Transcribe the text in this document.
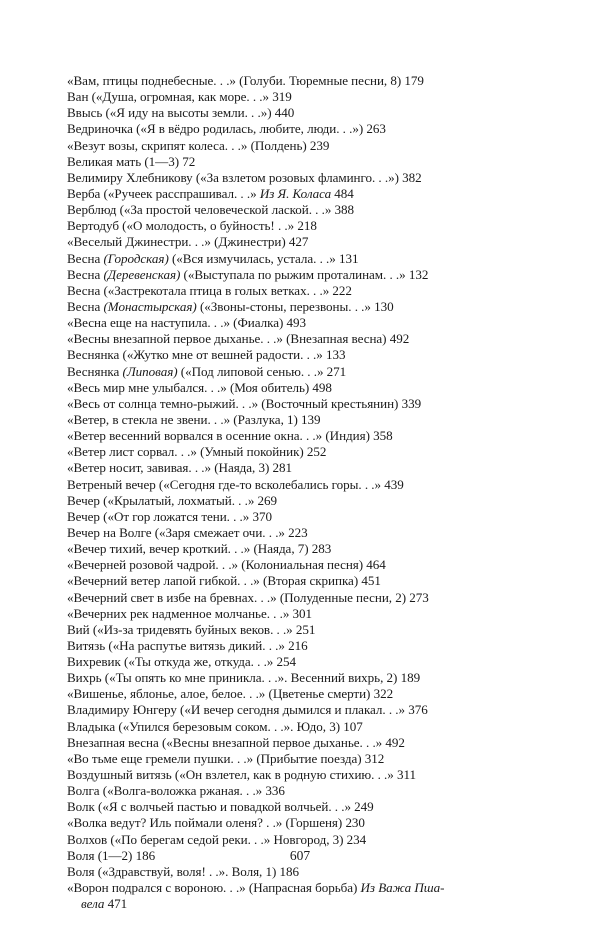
«Вам, птицы поднебесные. . .» (Голуби. Тюремные песни, 8) 179
Ван («Душа, огромная, как море. . .» 319
Ввысь («Я иду на высоты земли. . .») 440
Ведриночка («Я в вёдро родилась, любите, люди. . .») 263
«Везут возы, скрипят колеса. . .» (Полдень) 239
Великая мать (1—3) 72
Велимиру Хлебникову («За взлетом розовых фламинго. . .») 382
Верба («Ручеек расспрашивал. . .» Из Я. Коласа 484
Верблюд («За простой человеческой лаской. . .» 388
Вертодуб («О молодость, о буйность! . .» 218
«Веселый Джинестри. . .» (Джинестри) 427
Весна (Городская) («Вся измучилась, устала. . .» 131
Весна (Деревенская) («Выступала по рыжим проталинам. . .» 132
Весна («Застрекотала птица в голых ветках. . .» 222
Весна (Монастырская) («Звоны-стоны, перезвоны. . .» 130
«Весна еще на наступила. . .» (Фиалка) 493
«Весны внезапной первое дыханье. . .» (Внезапная весна) 492
Веснянка («Жутко мне от вешней радости. . .» 133
Веснянка (Липовая) («Под липовой сенью. . .» 271
«Весь мир мне улыбался. . .» (Моя обитель) 498
«Весь от солнца темно-рыжий. . .» (Восточный крестьянин) 339
«Ветер, в стекла не звени. . .» (Разлука, 1) 139
«Ветер весенний ворвался в осенние окна. . .» (Индия) 358
«Ветер лист сорвал. . .» (Умный покойник) 252
«Ветер носит, завивая. . .» (Наяда, 3) 281
Ветреный вечер («Сегодня где-то всколебались горы. . .» 439
Вечер («Крылатый, лохматый. . .» 269
Вечер («От гор ложатся тени. . .» 370
Вечер на Волге («Заря смежает очи. . .» 223
«Вечер тихий, вечер кроткий. . .» (Наяда, 7) 283
«Вечерней розовой чадрой. . .» (Колониальная песня) 464
«Вечерний ветер лапой гибкой. . .» (Вторая скрипка) 451
«Вечерний свет в избе на бревнах. . .» (Полуденные песни, 2) 273
«Вечерних рек надменное молчанье. . .» 301
Вий («Из-за тридевять буйных веков. . .» 251
Витязь («На распутье витязь дикий. . .» 216
Вихревик («Ты откуда же, откуда. . .» 254
Вихрь («Ты опять ко мне приникла. . .». Весенний вихрь, 2) 189
«Вишенье, яблонье, алое, белое. . .» (Цветенье смерти) 322
Владимиру Юнгеру («И вечер сегодня дымился и плакал. . .» 376
Владыка («Упился березовым соком. . .». Юдо, 3) 107
Внезапная весна («Весны внезапной первое дыханье. . .» 492
«Во тьме еще гремели пушки. . .» (Прибытие поезда) 312
Воздушный витязь («Он взлетел, как в родную стихию. . .» 311
Волга («Волга-воложка ржаная. . .» 336
Волк («Я с волчьей пастью и повадкой волчьей. . .» 249
«Волка ведут? Иль поймали оленя? . .» (Горшеня) 230
Волхов («По берегам седой реки. . .» Новгород, 3) 234
Воля (1—2) 186
Воля («Здравствуй, воля! . .». Воля, 1) 186
«Ворон подрался с вороною. . .» (Напрасная борьба) Из Важа Пша-
вела 471
607
